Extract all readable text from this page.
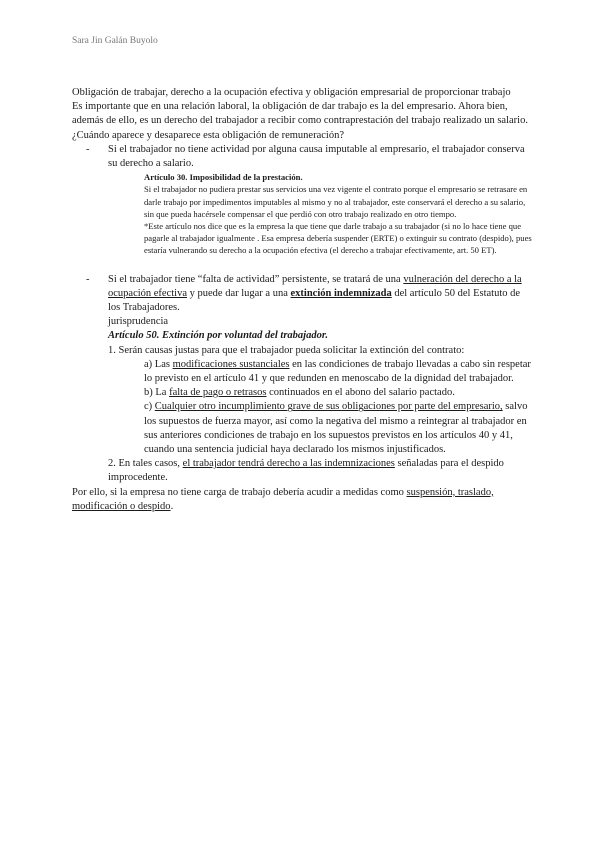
Sara Jin Galán Buyolo

Obligación de trabajar, derecho a la ocupación efectiva y obligación empresarial de proporcionar trabajo

Es importante que en una relación laboral, la obligación de dar trabajo es la del empresario. Ahora bien, además de ello, es un derecho del trabajador a recibir como contraprestación del trabajo realizado un salario. ¿Cuándo aparece y desaparece esta obligación de remuneración?

- Si el trabajador no tiene actividad por alguna causa imputable al empresario, el trabajador conserva su derecho a salario.
Artículo 30. Imposibilidad de la prestación.
Si el trabajador no pudiera prestar sus servicios una vez vigente el contrato porque el empresario se retrasare en darle trabajo por impedimentos imputables al mismo y no al trabajador, este conservará el derecho a su salario, sin que pueda hacérsele compensar el que perdió con otro trabajo realizado en otro tiempo.
*Este artículo nos dice que es la empresa la que tiene que darle trabajo a su trabajador (si no lo hace tiene que pagarle al trabajador igualmente . Esa empresa debería suspender (ERTE) o extinguir su contrato (despido), pues estaría vulnerando su derecho a la ocupación efectiva (el derecho a trabajar efectivamente, art. 50 ET).
- Si el trabajador tiene “falta de actividad” persistente, se tratará de una vulneración del derecho a la ocupación efectiva y puede dar lugar a una extinción indemnizada del artículo 50 del Estatuto de los Trabajadores.
jurisprudencia
Artículo 50. Extinción por voluntad del trabajador.
1. Serán causas justas para que el trabajador pueda solicitar la extinción del contrato:
a) Las modificaciones sustanciales en las condiciones de trabajo llevadas a cabo sin respetar lo previsto en el artículo 41 y que redunden en menoscabo de la dignidad del trabajador.
b) La falta de pago o retrasos continuados en el abono del salario pactado.
c) Cualquier otro incumplimiento grave de sus obligaciones por parte del empresario, salvo los supuestos de fuerza mayor, así como la negativa del mismo a reintegrar al trabajador en sus anteriores condiciones de trabajo en los supuestos previstos en los artículos 40 y 41, cuando una sentencia judicial haya declarado los mismos injustificados.
2. En tales casos, el trabajador tendrá derecho a las indemnizaciones señaladas para el despido improcedente.

Por ello, si la empresa no tiene carga de trabajo debería acudir a medidas como suspensión, traslado, modificación o despido.
